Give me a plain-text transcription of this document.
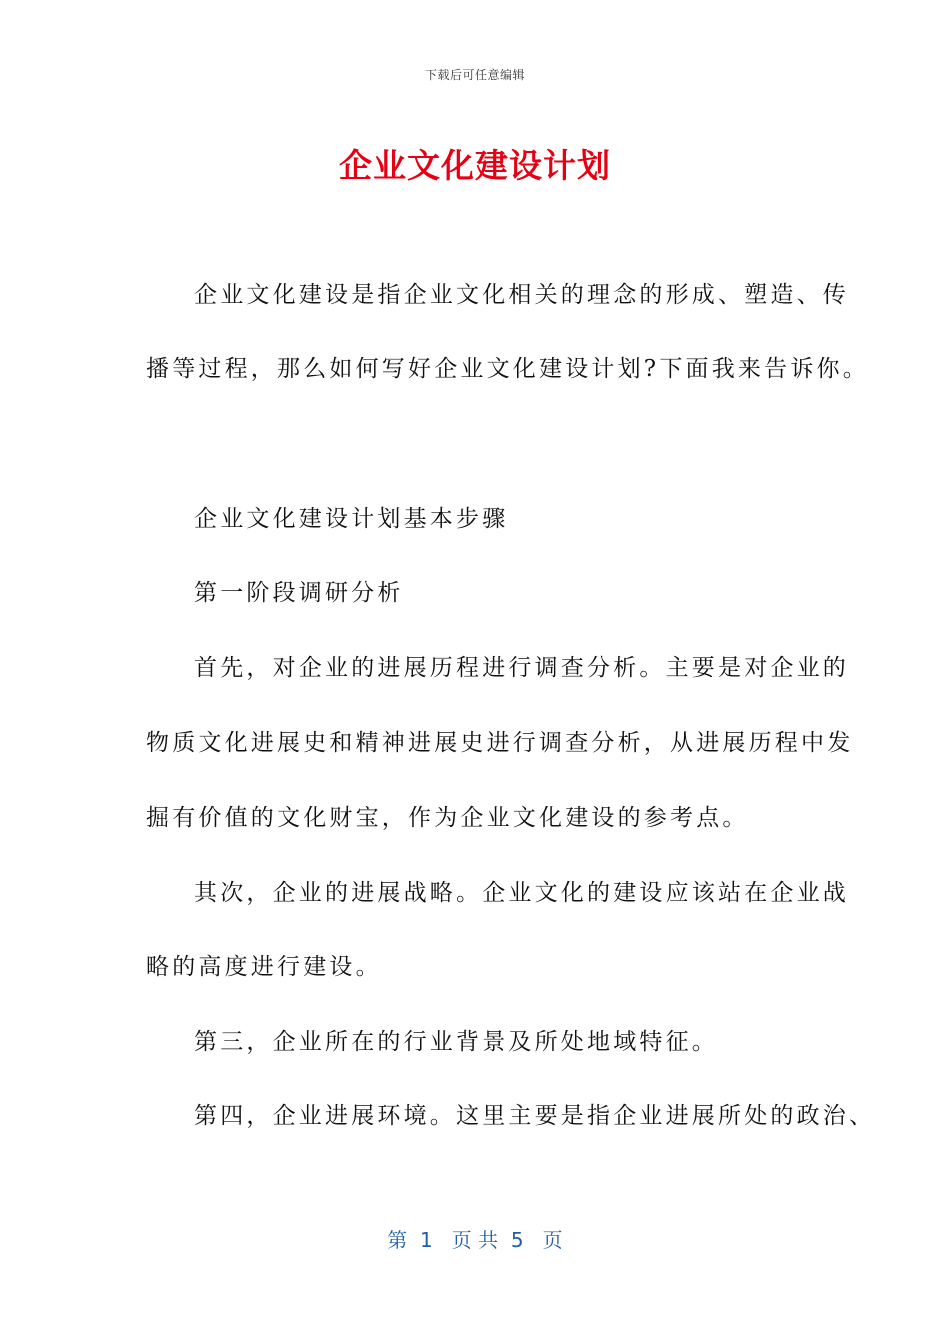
下载后可任意编辑
企业文化建设计划
企业文化建设是指企业文化相关的理念的形成、塑造、传
播等过程，那么如何写好企业文化建设计划?下面我来告诉你。
企业文化建设计划基本步骤
第一阶段调研分析
首先，对企业的进展历程进行调查分析。主要是对企业的
物质文化进展史和精神进展史进行调查分析，从进展历程中发
掘有价值的文化财宝，作为企业文化建设的参考点。
其次，企业的进展战略。企业文化的建设应该站在企业战
略的高度进行建设。
第三，企业所在的行业背景及所处地域特征。
第四，企业进展环境。这里主要是指企业进展所处的政治、
第  1   页 共  5   页
